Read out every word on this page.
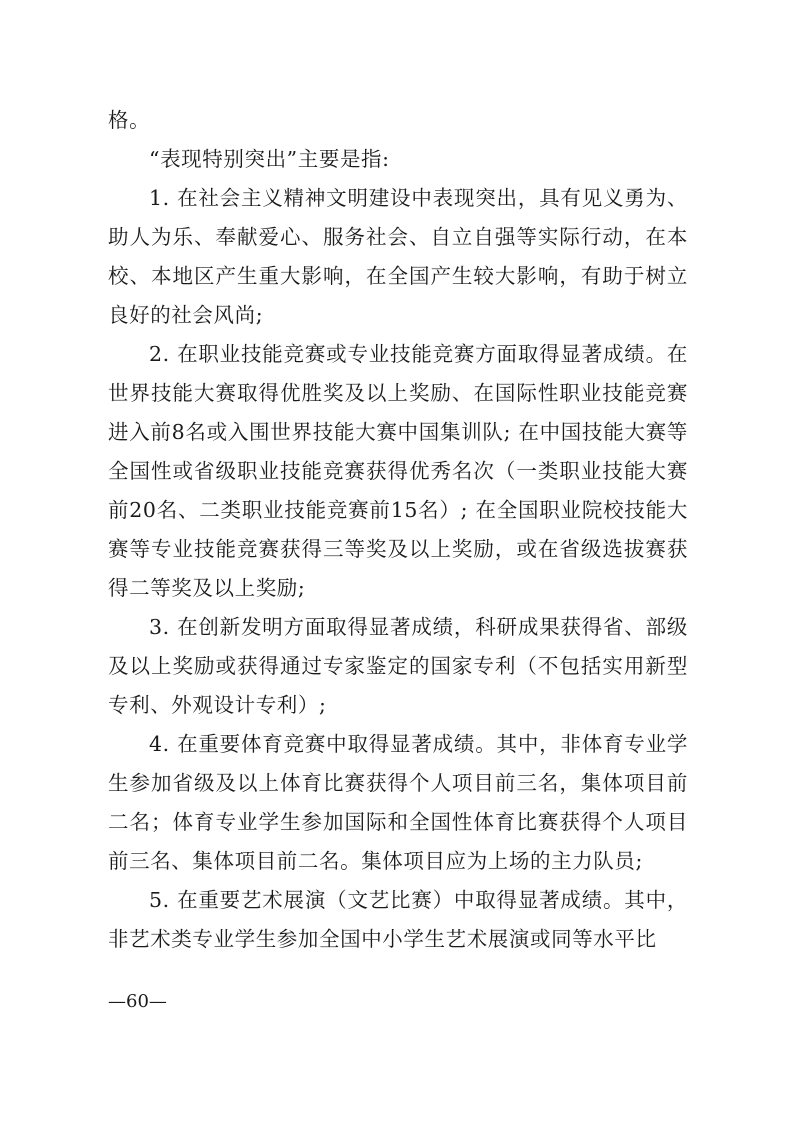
格。

“表现特别突出”主要是指:

1. 在社会主义精神文明建设中表现突出，具有见义勇为、助人为乐、奉献爱心、服务社会、自立自强等实际行动，在本校、本地区产生重大影响，在全国产生较大影响，有助于树立良好的社会风尚;

2. 在职业技能竞赛或专业技能竞赛方面取得显著成绩。在世界技能大赛取得优胜奖及以上奖励、在国际性职业技能竞赛进入前8名或入围世界技能大赛中国集训队; 在中国技能大赛等全国性或省级职业技能竞赛获得优秀名次（一类职业技能大赛前20名、二类职业技能竞赛前15名）; 在全国职业院校技能大赛等专业技能竞赛获得三等奖及以上奖励，或在省级选拔赛获得二等奖及以上奖励;

3. 在创新发明方面取得显著成绩，科研成果获得省、部级及以上奖励或获得通过专家鉴定的国家专利（不包括实用新型专利、外观设计专利）;

4. 在重要体育竞赛中取得显著成绩。其中，非体育专业学生参加省级及以上体育比赛获得个人项目前三名，集体项目前二名；体育专业学生参加国际和全国性体育比赛获得个人项目前三名、集体项目前二名。集体项目应为上场的主力队员;

5. 在重要艺术展演（文艺比赛）中取得显著成绩。其中，非艺术类专业学生参加全国中小学生艺术展演或同等水平比

—60—
